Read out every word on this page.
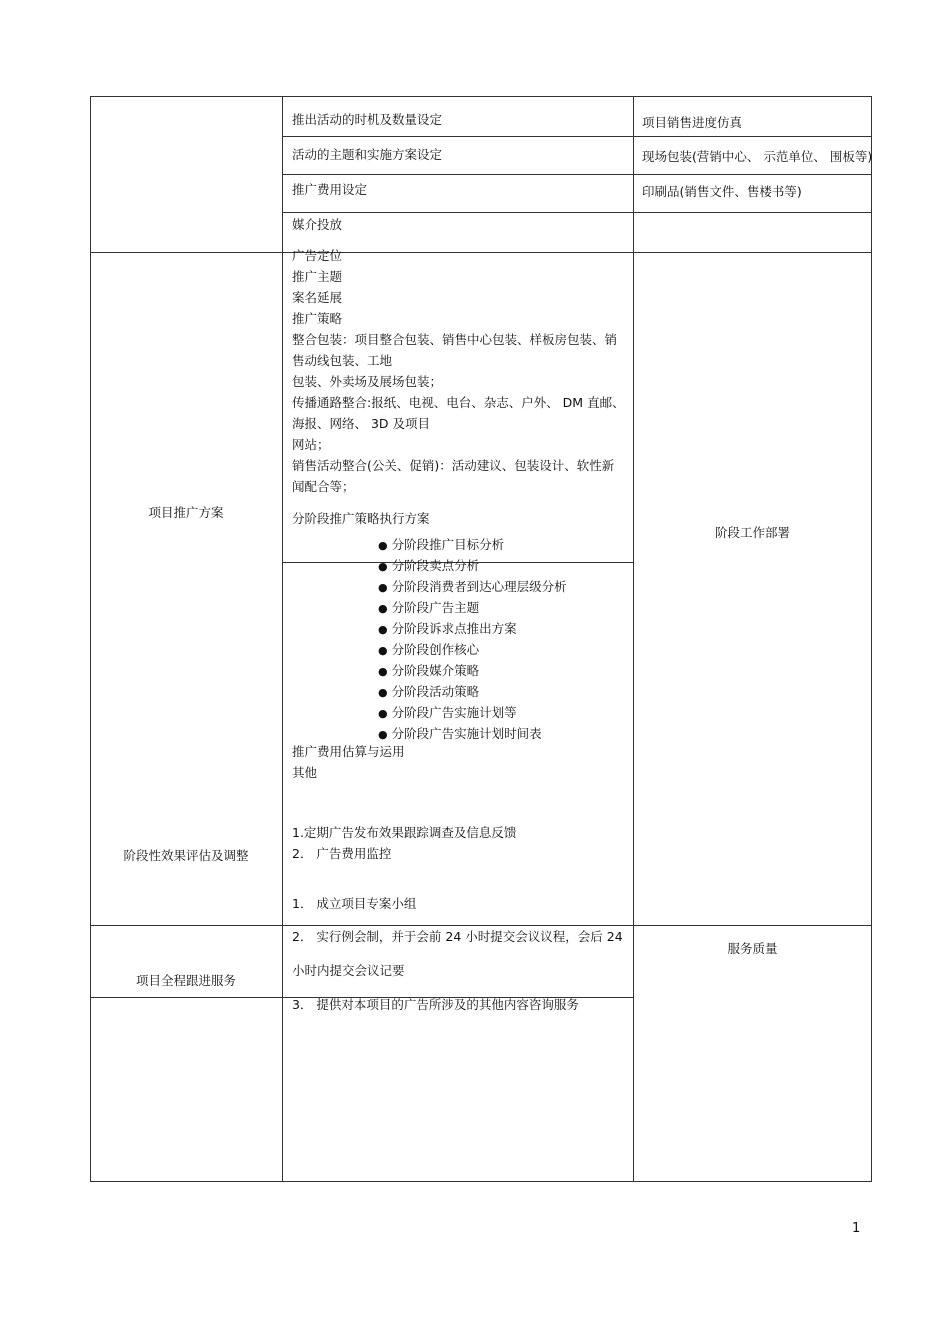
推出活动的时机及数量设定
活动的主题和实施方案设定
推广费用设定
媒介投放
项目销售进度仿真
现场包装(营销中心、 示范单位、 围板等)
印刷品(销售文件、售楼书等)
项目推广方案
阶段性效果评估及调整
阶段工作部署
广告定位
推广主题
案名延展
推广策略
整合包装：项目整合包装、销售中心包装、样板房包装、销
售动线包装、工地
包装、外卖场及展场包装；
传播通路整合:报纸、电视、电台、杂志、户外、 DM 直邮、
海报、网络、 3D 及项目
网站；
销售活动整合(公关、促销)：活动建议、包装设计、软性新
闻配合等；
分阶段推广策略执行方案
● 分阶段推广目标分析
● 分阶段卖点分析
● 分阶段消费者到达心理层级分析
● 分阶段广告主题
● 分阶段诉求点推出方案
● 分阶段创作核心
● 分阶段媒介策略
● 分阶段活动策略
● 分阶段广告实施计划等
● 分阶段广告实施计划时间表
推广费用估算与运用
其他
1.定期广告发布效果跟踪调查及信息反馈
2． 广告费用监控
1． 成立项目专案小组
项目全程跟进服务
服务质量
2． 实行例会制，并于会前 24 小时提交会议议程，会后 24
小时内提交会议记要
3． 提供对本项目的广告所涉及的其他内容咨询服务
1
